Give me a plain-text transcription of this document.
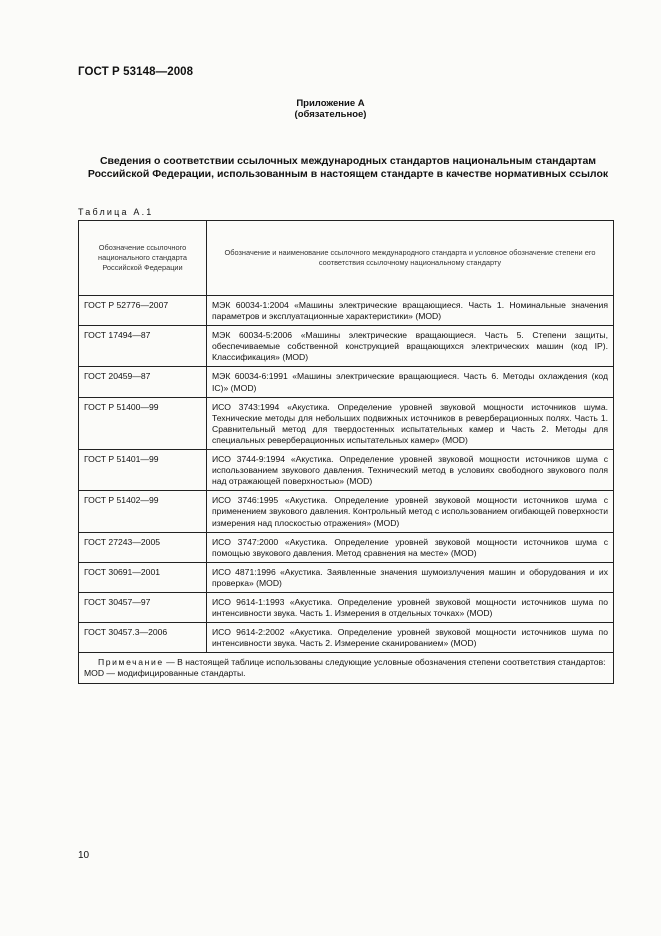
ГОСТ Р 53148—2008
Приложение А
(обязательное)
Сведения о соответствии ссылочных международных стандартов национальным стандартам Российской Федерации, использованным в настоящем стандарте в качестве нормативных ссылок
Таблица А.1
Обозначение ссылочного национального стандарта Российской Федерации	Обозначение и наименование ссылочного международного стандарта и условное обозначение степени его соответствия ссылочному национальному стандарту
ГОСТ Р 52776—2007	МЭК 60034-1:2004 «Машины электрические вращающиеся. Часть 1. Номинальные значения параметров и эксплуатационные характеристики» (MOD)
ГОСТ 17494—87	МЭК 60034-5:2006 «Машины электрические вращающиеся. Часть 5. Степени защиты, обеспечиваемые собственной конструкцией вращающихся электрических машин (код IP). Классификация» (MOD)
ГОСТ 20459—87	МЭК 60034-6:1991 «Машины электрические вращающиеся. Часть 6. Методы охлаждения (код IC)» (MOD)
ГОСТ Р 51400—99	ИСО 3743:1994 «Акустика. Определение уровней звуковой мощности источников шума. Технические методы для небольших подвижных источников в реверберационных полях. Часть 1. Сравнительный метод для твердостенных испытательных камер и Часть 2. Методы для специальных реверберационных испытательных камер» (MOD)
ГОСТ Р 51401—99	ИСО 3744-9:1994 «Акустика. Определение уровней звуковой мощности источников шума с использованием звукового давления. Технический метод в условиях свободного звукового поля над отражающей поверхностью» (MOD)
ГОСТ Р 51402—99	ИСО 3746:1995 «Акустика. Определение уровней звуковой мощности источников шума с применением звукового давления. Контрольный метод с использованием огибающей поверхности измерения над плоскостью отражения» (MOD)
ГОСТ 27243—2005	ИСО 3747:2000 «Акустика. Определение уровней звуковой мощности источников шума с помощью звукового давления. Метод сравнения на месте» (MOD)
ГОСТ 30691—2001	ИСО 4871:1996 «Акустика. Заявленные значения шумоизлучения машин и оборудования и их проверка» (MOD)
ГОСТ 30457—97	ИСО 9614-1:1993 «Акустика. Определение уровней звуковой мощности источников шума по интенсивности звука. Часть 1. Измерения в отдельных точках» (MOD)
ГОСТ 30457.3—2006	ИСО 9614-2:2002 «Акустика. Определение уровней звуковой мощности источников шума по интенсивности звука. Часть 2. Измерение сканированием» (MOD)

Примечание — В настоящей таблице использованы следующие условные обозначения степени соответствия стандартов:
MOD — модифицированные стандарты.	
10
